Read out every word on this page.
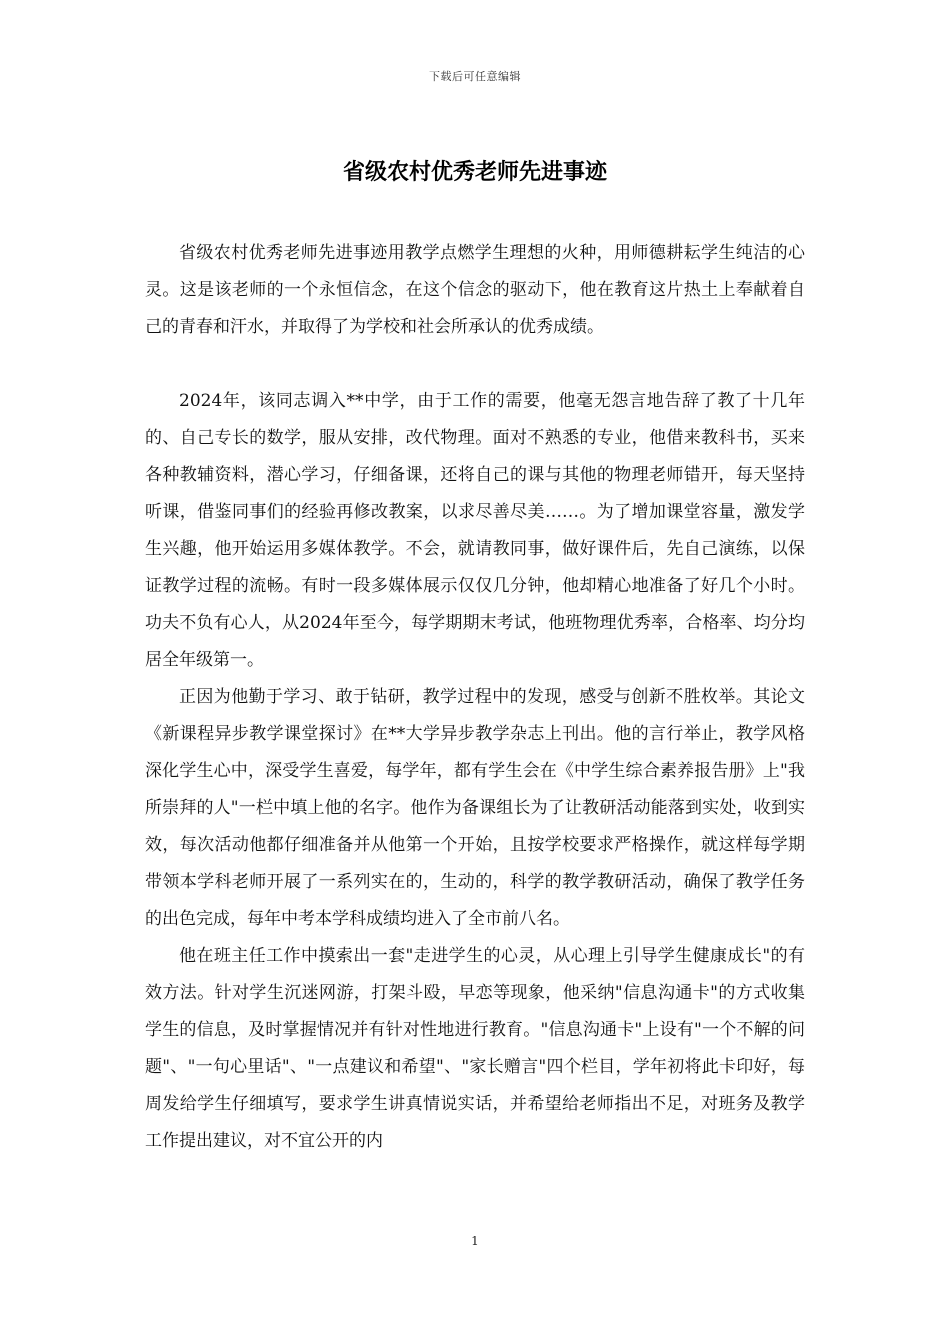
下载后可任意编辑
省级农村优秀老师先进事迹

省级农村优秀老师先进事迹用教学点燃学生理想的火种，用师德耕耘学生纯洁的心灵。这是该老师的一个永恒信念，在这个信念的驱动下，他在教育这片热土上奉献着自己的青春和汗水，并取得了为学校和社会所承认的优秀成绩。

2024年，该同志调入**中学，由于工作的需要，他毫无怨言地告辞了教了十几年的、自己专长的数学，服从安排，改代物理。面对不熟悉的专业，他借来教科书，买来各种教辅资料，潜心学习，仔细备课，还将自己的课与其他的物理老师错开，每天坚持听课，借鉴同事们的经验再修改教案，以求尽善尽美……。为了增加课堂容量，激发学生兴趣，他开始运用多媒体教学。不会，就请教同事，做好课件后，先自己演练，以保证教学过程的流畅。有时一段多媒体展示仅仅几分钟，他却精心地准备了好几个小时。功夫不负有心人，从2024年至今，每学期期末考试，他班物理优秀率，合格率、均分均居全年级第一。

正因为他勤于学习、敢于钻研，教学过程中的发现，感受与创新不胜枚举。其论文《新课程异步教学课堂探讨》在**大学异步教学杂志上刊出。他的言行举止，教学风格深化学生心中，深受学生喜爱，每学年，都有学生会在《中学生综合素养报告册》上"我所崇拜的人"一栏中填上他的名字。他作为备课组长为了让教研活动能落到实处，收到实效，每次活动他都仔细准备并从他第一个开始，且按学校要求严格操作，就这样每学期带领本学科老师开展了一系列实在的，生动的，科学的教学教研活动，确保了教学任务的出色完成，每年中考本学科成绩均进入了全市前八名。

他在班主任工作中摸索出一套"走进学生的心灵，从心理上引导学生健康成长"的有效方法。针对学生沉迷网游，打架斗殴，早恋等现象，他采纳"信息沟通卡"的方式收集学生的信息，及时掌握情况并有针对性地进行教育。"信息沟通卡"上设有"一个不解的问题"、"一句心里话"、"一点建议和希望"、"家长赠言"四个栏目，学年初将此卡印好，每周发给学生仔细填写，要求学生讲真情说实话，并希望给老师指出不足，对班务及教学工作提出建议，对不宜公开的内

1
